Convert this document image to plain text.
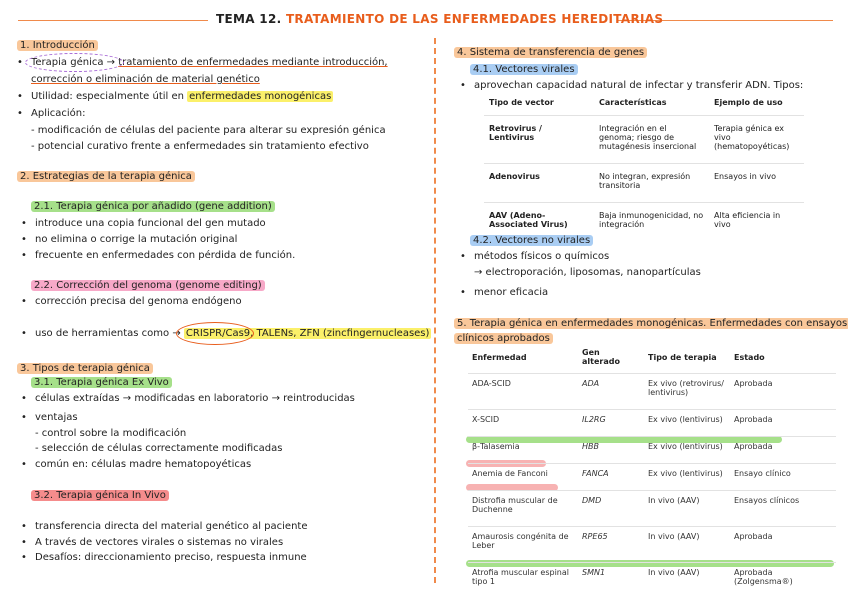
TEMA 12. TRATAMIENTO DE LAS ENFERMEDADES HEREDITARIAS
1. Introducción
• Terapia génica → tratamiento de enfermedades mediante introducción,
corrección o eliminación de material genético
• Utilidad: especialmente útil en enfermedades monogénicas
• Aplicación:
- modificación de células del paciente para alterar su expresión génica
- potencial curativo frente a enfermedades sin tratamiento efectivo
2. Estrategias de la terapia génica
2.1. Terapia génica por añadido (gene addition)
• introduce una copia funcional del gen mutado
• no elimina o corrige la mutación original
• frecuente en enfermedades con pérdida de función.
2.2. Corrección del genoma (genome editing)
• corrección precisa del genoma endógeno
• uso de herramientas como → CRISPR/Cas9, TALENs, ZFN (zincfingernucleases)
3. Tipos de terapia génica
3.1. Terapia génica Ex Vivo
• células extraídas → modificadas en laboratorio → reintroducidas
• ventajas
- control sobre la modificación
- selección de células correctamente modificadas
• común en: células madre hematopoyéticas
3.2. Terapia génica In Vivo
• transferencia directa del material genético al paciente
• A través de vectores virales o sistemas no virales
• Desafíos: direccionamiento preciso, respuesta inmune
4. Sistema de transferencia de genes
4.1. Vectores virales
• aprovechan capacidad natural de infectar y transferir ADN. Tipos:
Tipo de vector	Características	Ejemplo de uso
Retrovirus / Lentivirus	Integración en el genoma; riesgo de mutagénesis insercional	Terapia génica ex vivo (hematopoyéticas)
Adenovirus	No integran, expresión transitoria	Ensayos in vivo
AAV (Adeno-Associated Virus)	Baja inmunogenicidad, no integración	Alta eficiencia in vivo
4.2. Vectores no virales
• métodos físicos o químicos
→ electroporación, liposomas, nanopartículas
• menor eficacia
5. Terapia génica en enfermedades monogénicas. Enfermedades con ensayos
clínicos aprobados
Enfermedad	Gen alterado	Tipo de terapia	Estado
ADA-SCID	ADA	Ex vivo (retrovirus/ lentivirus)	Aprobada
X-SCID	IL2RG	Ex vivo (lentivirus)	Aprobada
β-Talasemia	HBB	Ex vivo (lentivirus)	Aprobada
Anemia de Fanconi	FANCA	Ex vivo (lentivirus)	Ensayo clínico
Distrofia muscular de Duchenne	DMD	In vivo (AAV)	Ensayos clínicos
Amaurosis congénita de Leber	RPE65	In vivo (AAV)	Aprobada
Atrofia muscular espinal tipo 1	SMN1	In vivo (AAV)	Aprobada (Zolgensma®)
